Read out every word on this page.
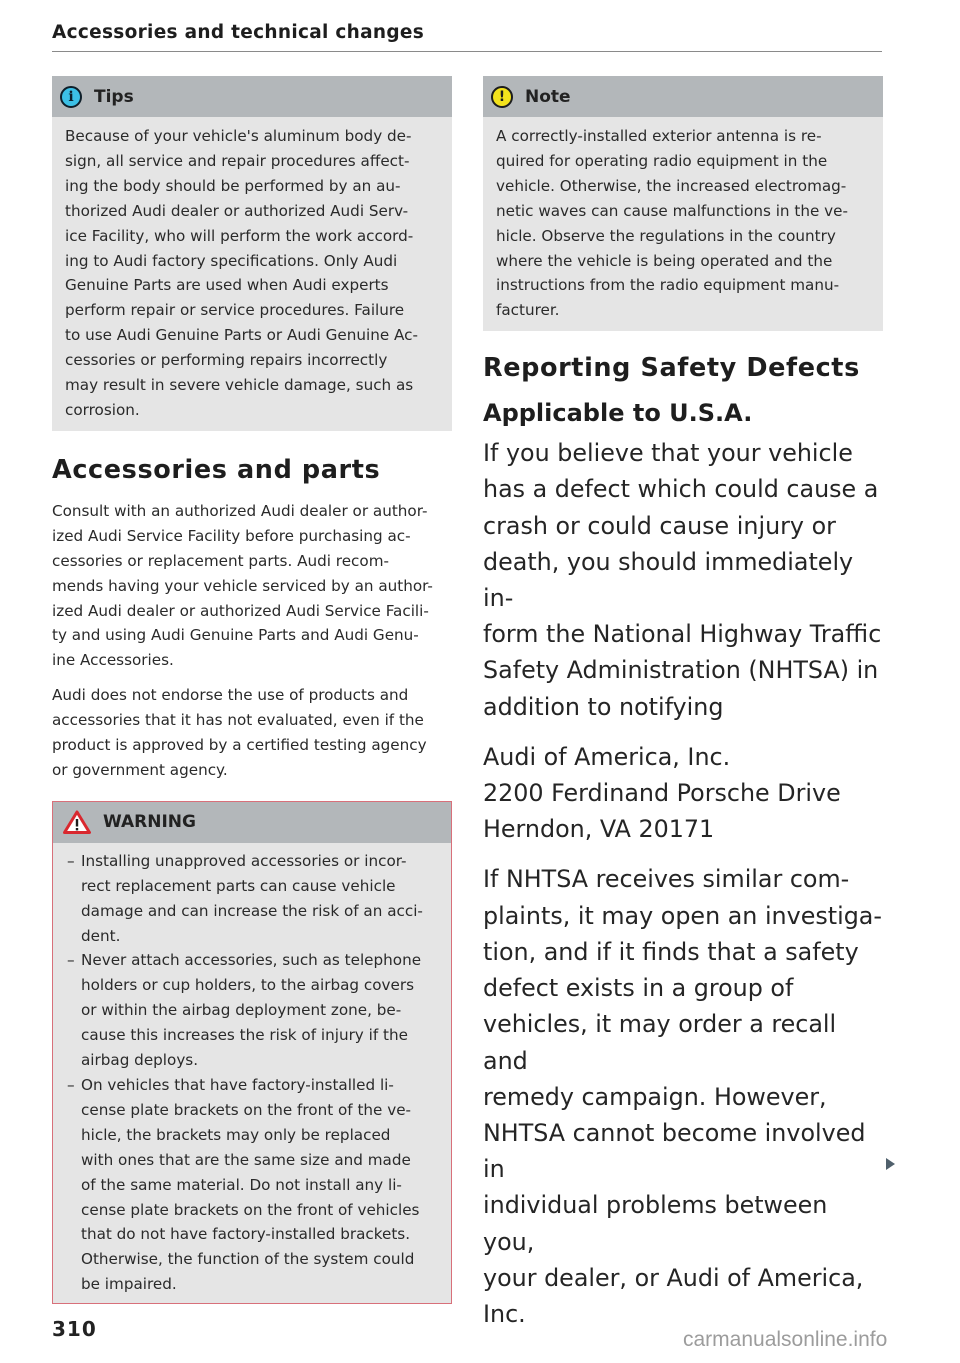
Accessories and technical changes
i	Tips
Because of your vehicle's aluminum body de-
sign, all service and repair procedures affect-
ing the body should be performed by an au-
thorized Audi dealer or authorized Audi Serv-
ice Facility, who will perform the work accord-
ing to Audi factory specifications. Only Audi
Genuine Parts are used when Audi experts
perform repair or service procedures. Failure
to use Audi Genuine Parts or Audi Genuine Ac-
cessories or performing repairs incorrectly
may result in severe vehicle damage, such as
corrosion.
Accessories and parts
Consult with an authorized Audi dealer or author-
ized Audi Service Facility before purchasing ac-
cessories or replacement parts. Audi recom-
mends having your vehicle serviced by an author-
ized Audi dealer or authorized Audi Service Facili-
ty and using Audi Genuine Parts and Audi Genu-
ine Accessories.
Audi does not endorse the use of products and
accessories that it has not evaluated, even if the
product is approved by a certified testing agency
or government agency.
WARNING
– Installing unapproved accessories or incor-
rect replacement parts can cause vehicle
damage and can increase the risk of an acci-
dent.
– Never attach accessories, such as telephone
holders or cup holders, to the airbag covers
or within the airbag deployment zone, be-
cause this increases the risk of injury if the
airbag deploys.
– On vehicles that have factory-installed li-
cense plate brackets on the front of the ve-
hicle, the brackets may only be replaced
with ones that are the same size and made
of the same material. Do not install any li-
cense plate brackets on the front of vehicles
that do not have factory-installed brackets.
Otherwise, the function of the system could
be impaired.
!	Note
A correctly-installed exterior antenna is re-
quired for operating radio equipment in the
vehicle. Otherwise, the increased electromag-
netic waves can cause malfunctions in the ve-
hicle. Observe the regulations in the country
where the vehicle is being operated and the
instructions from the radio equipment manu-
facturer.
Reporting Safety Defects
Applicable to U.S.A.
If you believe that your vehicle
has a defect which could cause a
crash or could cause injury or
death, you should immediately in-
form the National Highway Traffic
Safety Administration (NHTSA) in
addition to notifying
Audi of America, Inc.
2200 Ferdinand Porsche Drive
Herndon, VA 20171
If NHTSA receives similar com-
plaints, it may open an investiga-
tion, and if it finds that a safety
defect exists in a group of
vehicles, it may order a recall and
remedy campaign. However,
NHTSA cannot become involved in
individual problems between you,
your dealer, or Audi of America,
Inc.
310	carmanualsonline.info
